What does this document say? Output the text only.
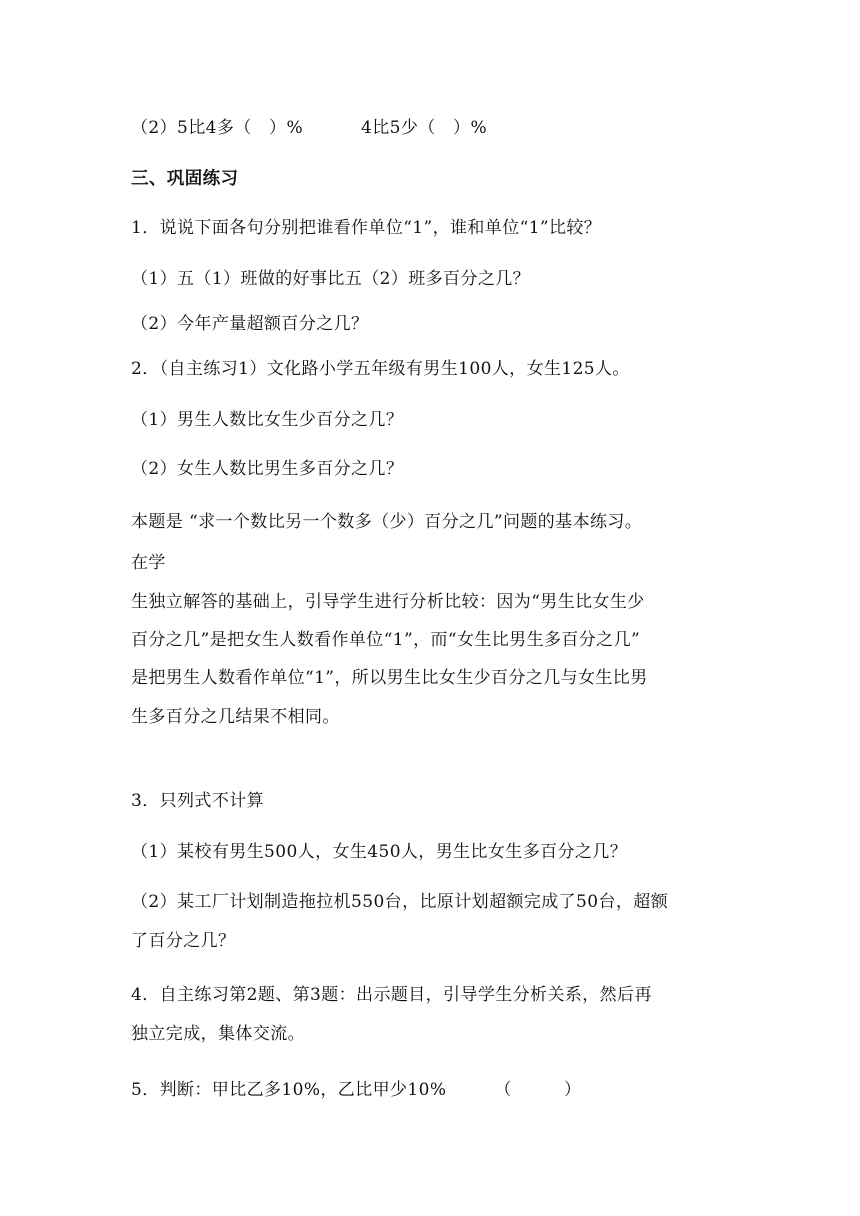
（2）5比4多（　）%	4比5少（　）%
三、巩固练习
1．说说下面各句分别把谁看作单位“1”，谁和单位“1”比较？
（1）五（1）班做的好事比五（2）班多百分之几？
（2）今年产量超额百分之几？
2．（自主练习1）文化路小学五年级有男生100人，女生125人。
（1）男生人数比女生少百分之几？
（2）女生人数比男生多百分之几？
本题是 “求一个数比另一个数多（少）百分之几”问题的基本练习。
在学
生独立解答的基础上，引导学生进行分析比较：因为“男生比女生少
百分之几”是把女生人数看作单位“1”，而“女生比男生多百分之几”
是把男生人数看作单位“1”，所以男生比女生少百分之几与女生比男
生多百分之几结果不相同。
3．只列式不计算
（1）某校有男生500人，女生450人，男生比女生多百分之几？
（2）某工厂计划制造拖拉机550台，比原计划超额完成了50台，超额
了百分之几？
4．自主练习第2题、第3题：出示题目，引导学生分析关系，然后再
独立完成，集体交流。
5．判断：甲比乙多10%，乙比甲少10%	（　　　）
